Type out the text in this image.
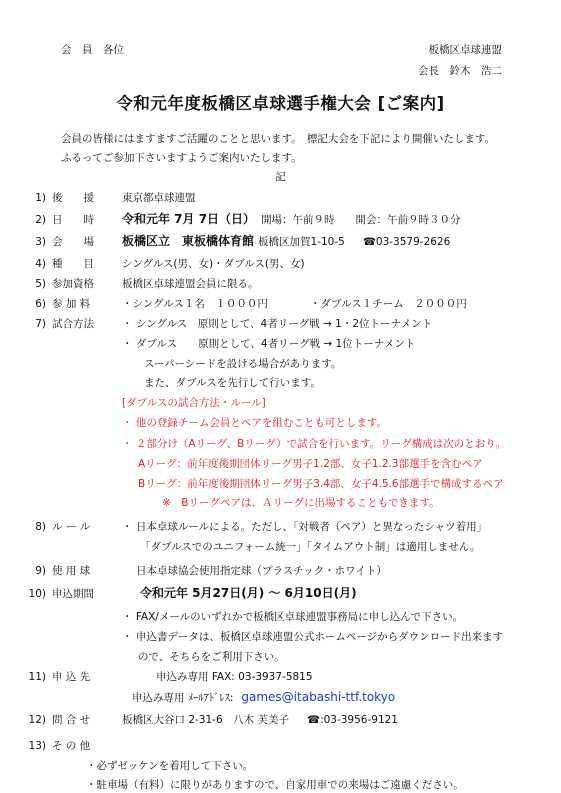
会　員　各位	板橋区卓球連盟
会長　鈴木　浩二
令和元年度板橋区卓球選手権大会 [ご案内]
会員の皆様にはますますご活躍のことと思います。　標記大会を下記により開催いたします。
ふるってご参加下さいますようご案内いたします。
記
1) 後　　援	東京都卓球連盟
2) 日　　時 令和元年 7月 7日（日） 開場：午前９時　　開会：午前９時３０分
3) 会　　場 板橋区立　東板橋体育館 板橋区加賀1-10-5 ☎03-3579-2626
4) 種　　目	シングルス(男、女)・ダブルス(男、女)
5) 参加資格	板橋区卓球連盟会員に限る。
6) 参 加 料	・シングルス１名　１０００円	・ダブルス１チーム　２０００円
7) 試合方法	・ シングルス　原則として、4者リーグ戦 → 1・2位トーナメント
・ ダブルス　　原則として、4者リーグ戦 → 1位トーナメント
スーパーシードを設ける場合があります。
また、ダブルスを先行して行います。
[ダブルスの試合方法・ルール]
・ 他の登録チーム会員とペアを組むことも可とします。
・ ２部分け（Aリーグ、Bリーグ）で試合を行います。リーグ構成は次のとおり。
Aリーグ：前年度後期団体リーグ男子1.2部、女子1.2.3部選手を含むペア
Bリーグ：前年度後期団体リーグ男子3.4部、女子4.5.6部選手で構成するペア
※　Bリーグペアは、Ａリーグに出場することもできます。
8) ル ー ル	・ 日本卓球ルールによる。ただし、「対戦者（ペア）と異なったシャツ着用」
「ダブルスでのユニフォーム統一」「タイムアウト制」は適用しません。
9) 使 用 球	日本卓球協会使用指定球（プラスチック・ホワイト）
10) 申込期間	令和元年 5月27日(月) ～ 6月10日(月)
・ FAX/メールのいずれかで板橋区卓球連盟事務局に申し込んで下さい。
・ 申込書データは、板橋区卓球連盟公式ホームページからダウンロード出来ます
ので、そちらをご利用下さい。
11) 申 込 先	申込み専用 FAX: 03-3937-5815
申込み専用 ﾒｰﾙｱﾄﾞﾚｽ: games@itabashi-ttf.tokyo
12) 問 合 せ	板橋区大谷口 2-31-6　八木 芙美子 ☎:03-3956-9121
13) そ の 他
・必ずゼッケンを着用して下さい。
・駐車場（有料）に限りがありますので、自家用車での来場はご遠慮ください。
